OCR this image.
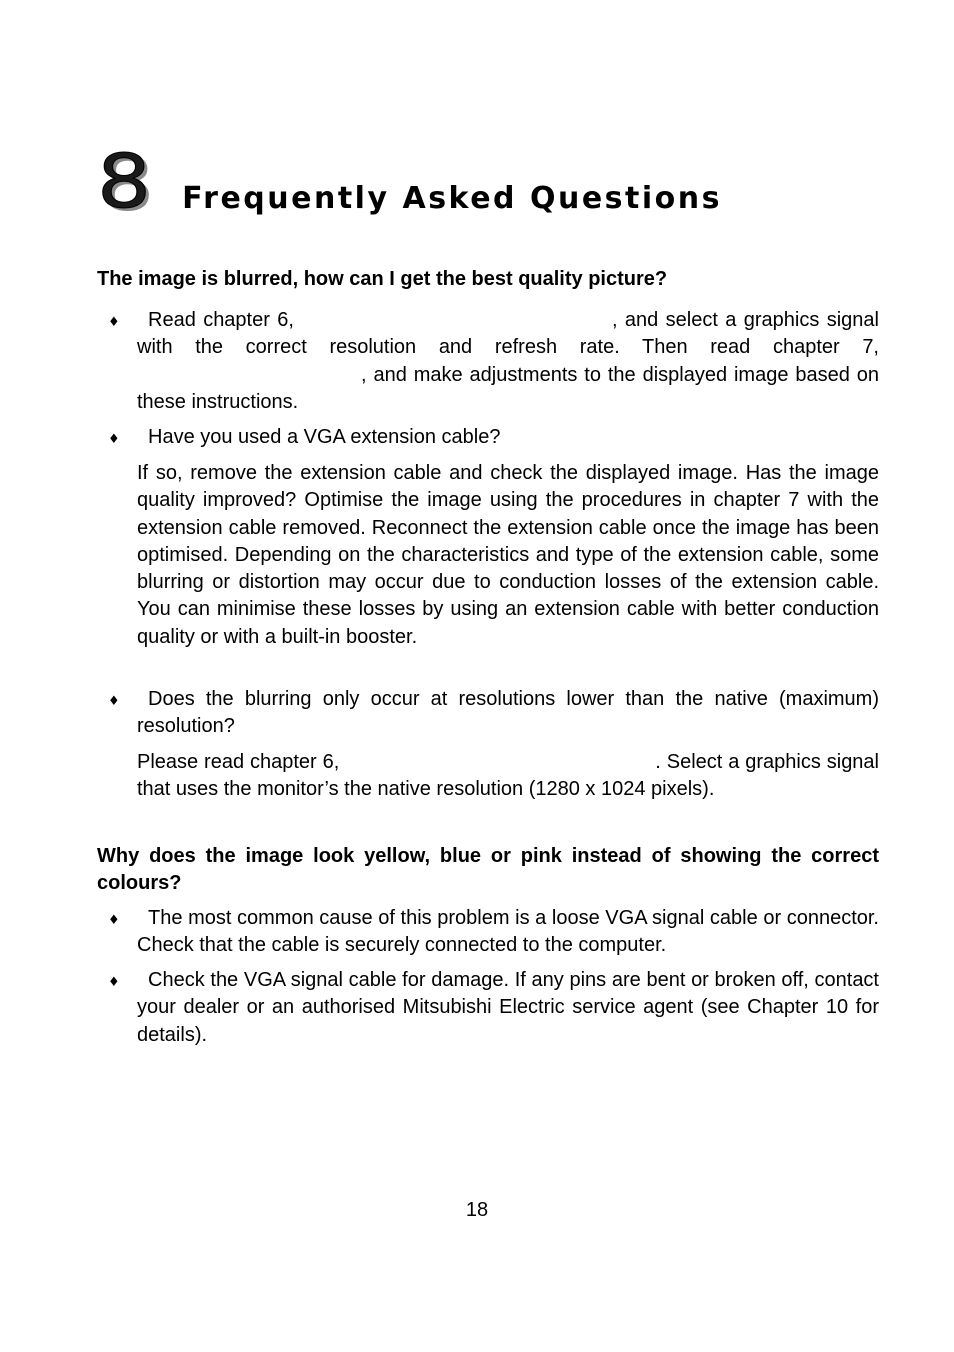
8 Frequently Asked Questions
The image is blurred, how can I get the best quality picture?
♦	Read chapter 6,	, and select a graphics signal with the correct resolution and refresh rate. Then read chapter 7,, and make adjustments to the displayed image based on these instructions.
♦	Have you used a VGA extension cable?
If so, remove the extension cable and check the displayed image. Has the image quality improved? Optimise the image using the procedures in chapter 7 with the extension cable removed. Reconnect the extension cable once the image has been optimised. Depending on the characteristics and type of the extension cable, some blurring or distortion may occur due to conduction losses of the extension cable. You can minimise these losses by using an extension cable with better conduction quality or with a built-in booster.
♦	Does the blurring only occur at resolutions lower than the native (maximum) resolution?
Please read chapter 6,	. Select a graphics signal that uses the monitor’s the native resolution (1280 x 1024 pixels).
Why does the image look yellow, blue or pink instead of showing the correct colours?
♦	The most common cause of this problem is a loose VGA signal cable or connector. Check that the cable is securely connected to the computer.
♦	Check the VGA signal cable for damage. If any pins are bent or broken off, contact your dealer or an authorised Mitsubishi Electric service agent (see Chapter 10 for details).
18
